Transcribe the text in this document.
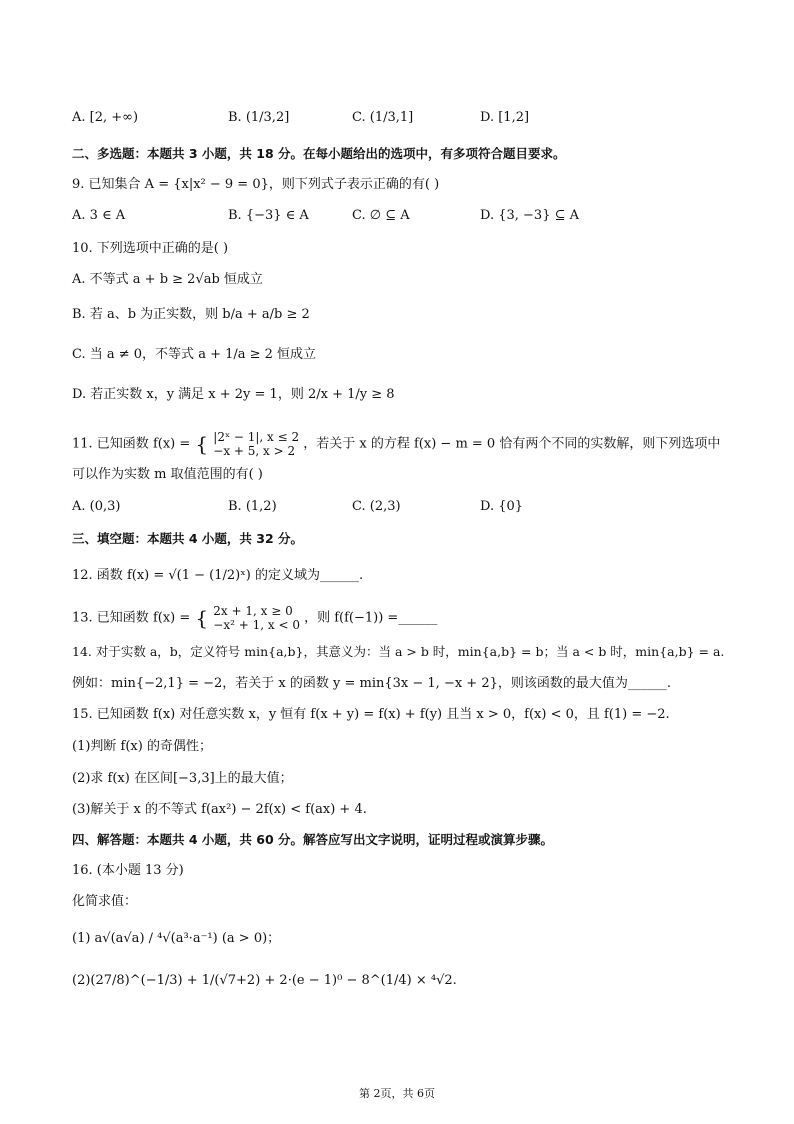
A. [2, +∞)	B. (1/3,2]	C. (1/3,1]	D. [1,2]
二、多选题：本题共 3 小题，共 18 分。在每小题给出的选项中，有多项符合题目要求。
9. 已知集合 A = {x|x² − 9 = 0}，则下列式子表示正确的有( )
A. 3 ∈ A	B. {−3} ∈ A	C. ∅ ⊆ A	D. {3, −3} ⊆ A
10. 下列选项中正确的是( )
A. 不等式 a + b ≥ 2√ab 恒成立
B. 若 a、b 为正实数，则 b/a + a/b ≥ 2
C. 当 a ≠ 0，不等式 a + 1/a ≥ 2 恒成立
D. 若正实数 x，y 满足 x + 2y = 1，则 2/x + 1/y ≥ 8
11. 已知函数 f(x) = { |2ˣ − 1|, x ≤ 2
−x + 5, x > 2 ，若关于 x 的方程 f(x) − m = 0 恰有两个不同的实数解，则下列选项中
可以作为实数 m 取值范围的有( )
A. (0,3)	B. (1,2)	C. (2,3)	D. {0}
三、填空题：本题共 4 小题，共 32 分。
12. 函数 f(x) = √(1 − (1/2)ˣ) 的定义域为______.
13. 已知函数 f(x) = { 2x + 1, x ≥ 0
−x² + 1, x < 0 ，则 f(f(−1)) =______
14. 对于实数 a，b，定义符号 min{a,b}，其意义为：当 a > b 时，min{a,b} = b；当 a < b 时，min{a,b} = a.
例如：min{−2,1} = −2，若关于 x 的函数 y = min{3x − 1, −x + 2}，则该函数的最大值为______.
15. 已知函数 f(x) 对任意实数 x，y 恒有 f(x + y) = f(x) + f(y) 且当 x > 0，f(x) < 0，且 f(1) = −2.
(1)判断 f(x) 的奇偶性；
(2)求 f(x) 在区间[−3,3]上的最大值；
(3)解关于 x 的不等式 f(ax²) − 2f(x) < f(ax) + 4.
四、解答题：本题共 4 小题，共 60 分。解答应写出文字说明，证明过程或演算步骤。
16. (本小题 13 分)
化简求值：
(1) a√(a√a) / ⁴√(a³·a⁻¹) (a > 0)；
(2)(27/8)^(−1/3) + 1/(√7+2) + 2·(e − 1)⁰ − 8^(1/4) × ⁴√2.
第 2页，共 6页
